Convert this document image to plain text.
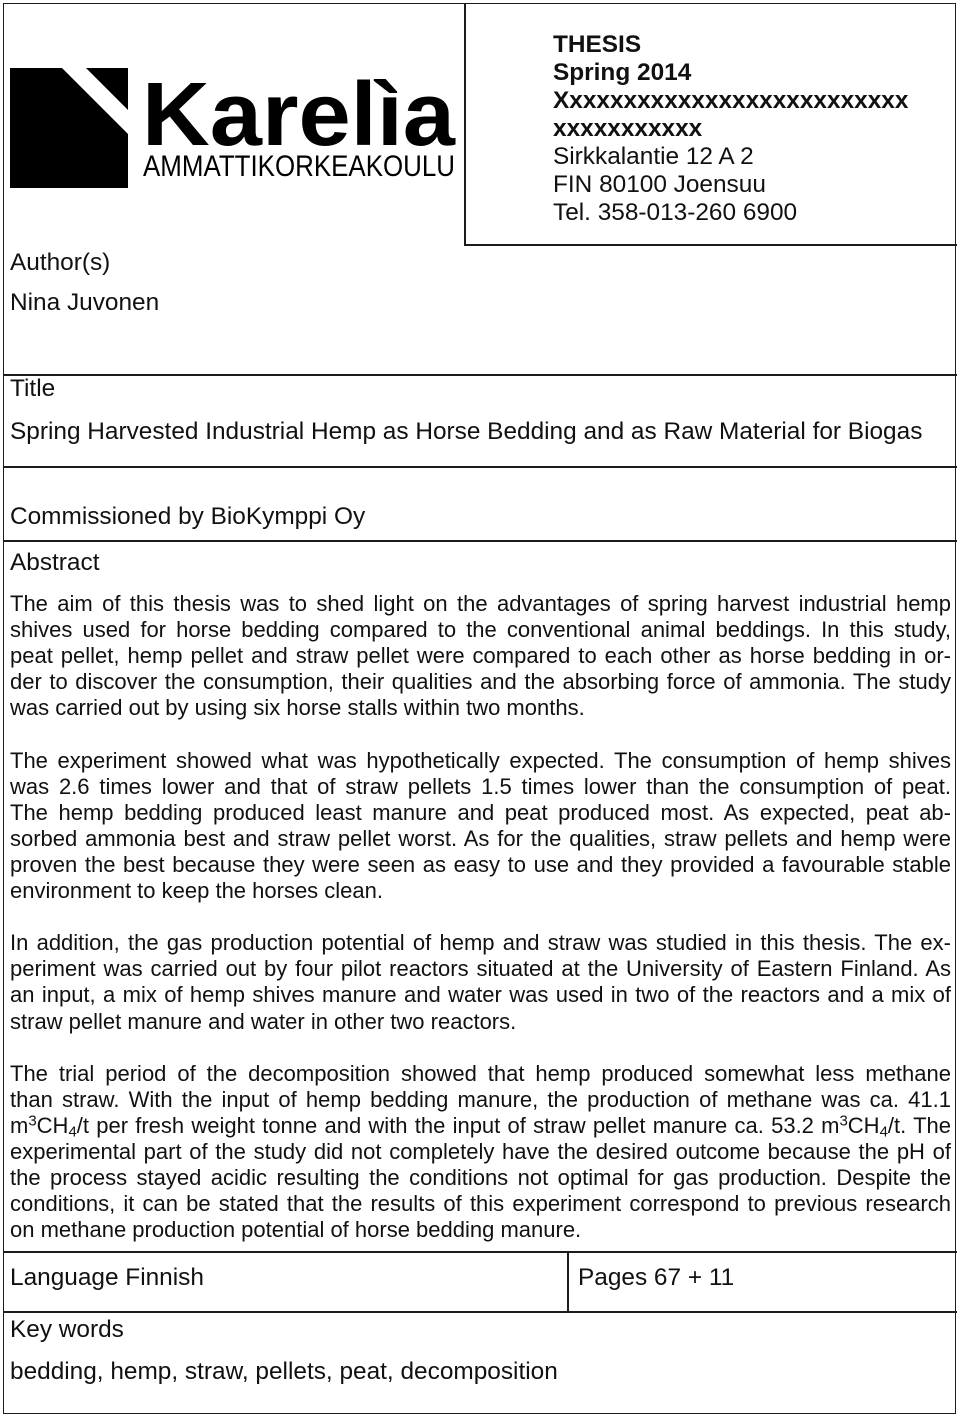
Karelìa
AMMATTIKORKEAKOULU
THESIS
Spring 2014
Xxxxxxxxxxxxxxxxxxxxxxxxxx
xxxxxxxxxxx
Sirkkalantie 12 A 2
FIN 80100 Joensuu
Tel. 358-013-260 6900
Author(s)
Nina Juvonen
Title
Spring Harvested Industrial Hemp as Horse Bedding and as Raw Material for Biogas
Commissioned by BioKymppi Oy
Abstract
The aim of this thesis was to shed light on the advantages of spring harvest industrial hemp
shives used for horse bedding compared to the conventional animal beddings. In this study,
peat pellet, hemp pellet and straw pellet were compared to each other as horse bedding in or-
der to discover the consumption, their qualities and the absorbing force of ammonia. The study
was carried out by using six horse stalls within two months.
The experiment showed what was hypothetically expected. The consumption of hemp shives
was 2.6 times lower and that of straw pellets 1.5 times lower than the consumption of peat.
The hemp bedding produced least manure and peat produced most. As expected, peat ab-
sorbed ammonia best and straw pellet worst. As for the qualities, straw pellets and hemp were
proven the best because they were seen as easy to use and they provided a favourable stable
environment to keep the horses clean.
In addition, the gas production potential of hemp and straw was studied in this thesis. The ex-
periment was carried out by four pilot reactors situated at the University of Eastern Finland. As
an input, a mix of hemp shives manure and water was used in two of the reactors and a mix of
straw pellet manure and water in other two reactors.
The trial period of the decomposition showed that hemp produced somewhat less methane
than straw. With the input of hemp bedding manure, the production of methane was ca. 41.1
$m^3CH_4/t$ per fresh weight tonne and with the input of straw pellet manure ca. 53.2 $m^3CH_4/t$. The
experimental part of the study did not completely have the desired outcome because the pH of
the process stayed acidic resulting the conditions not optimal for gas production. Despite the
conditions, it can be stated that the results of this experiment correspond to previous research
on methane production potential of horse bedding manure.
Language Finnish	Pages 67 + 11
Key words
bedding, hemp, straw, pellets, peat, decomposition
